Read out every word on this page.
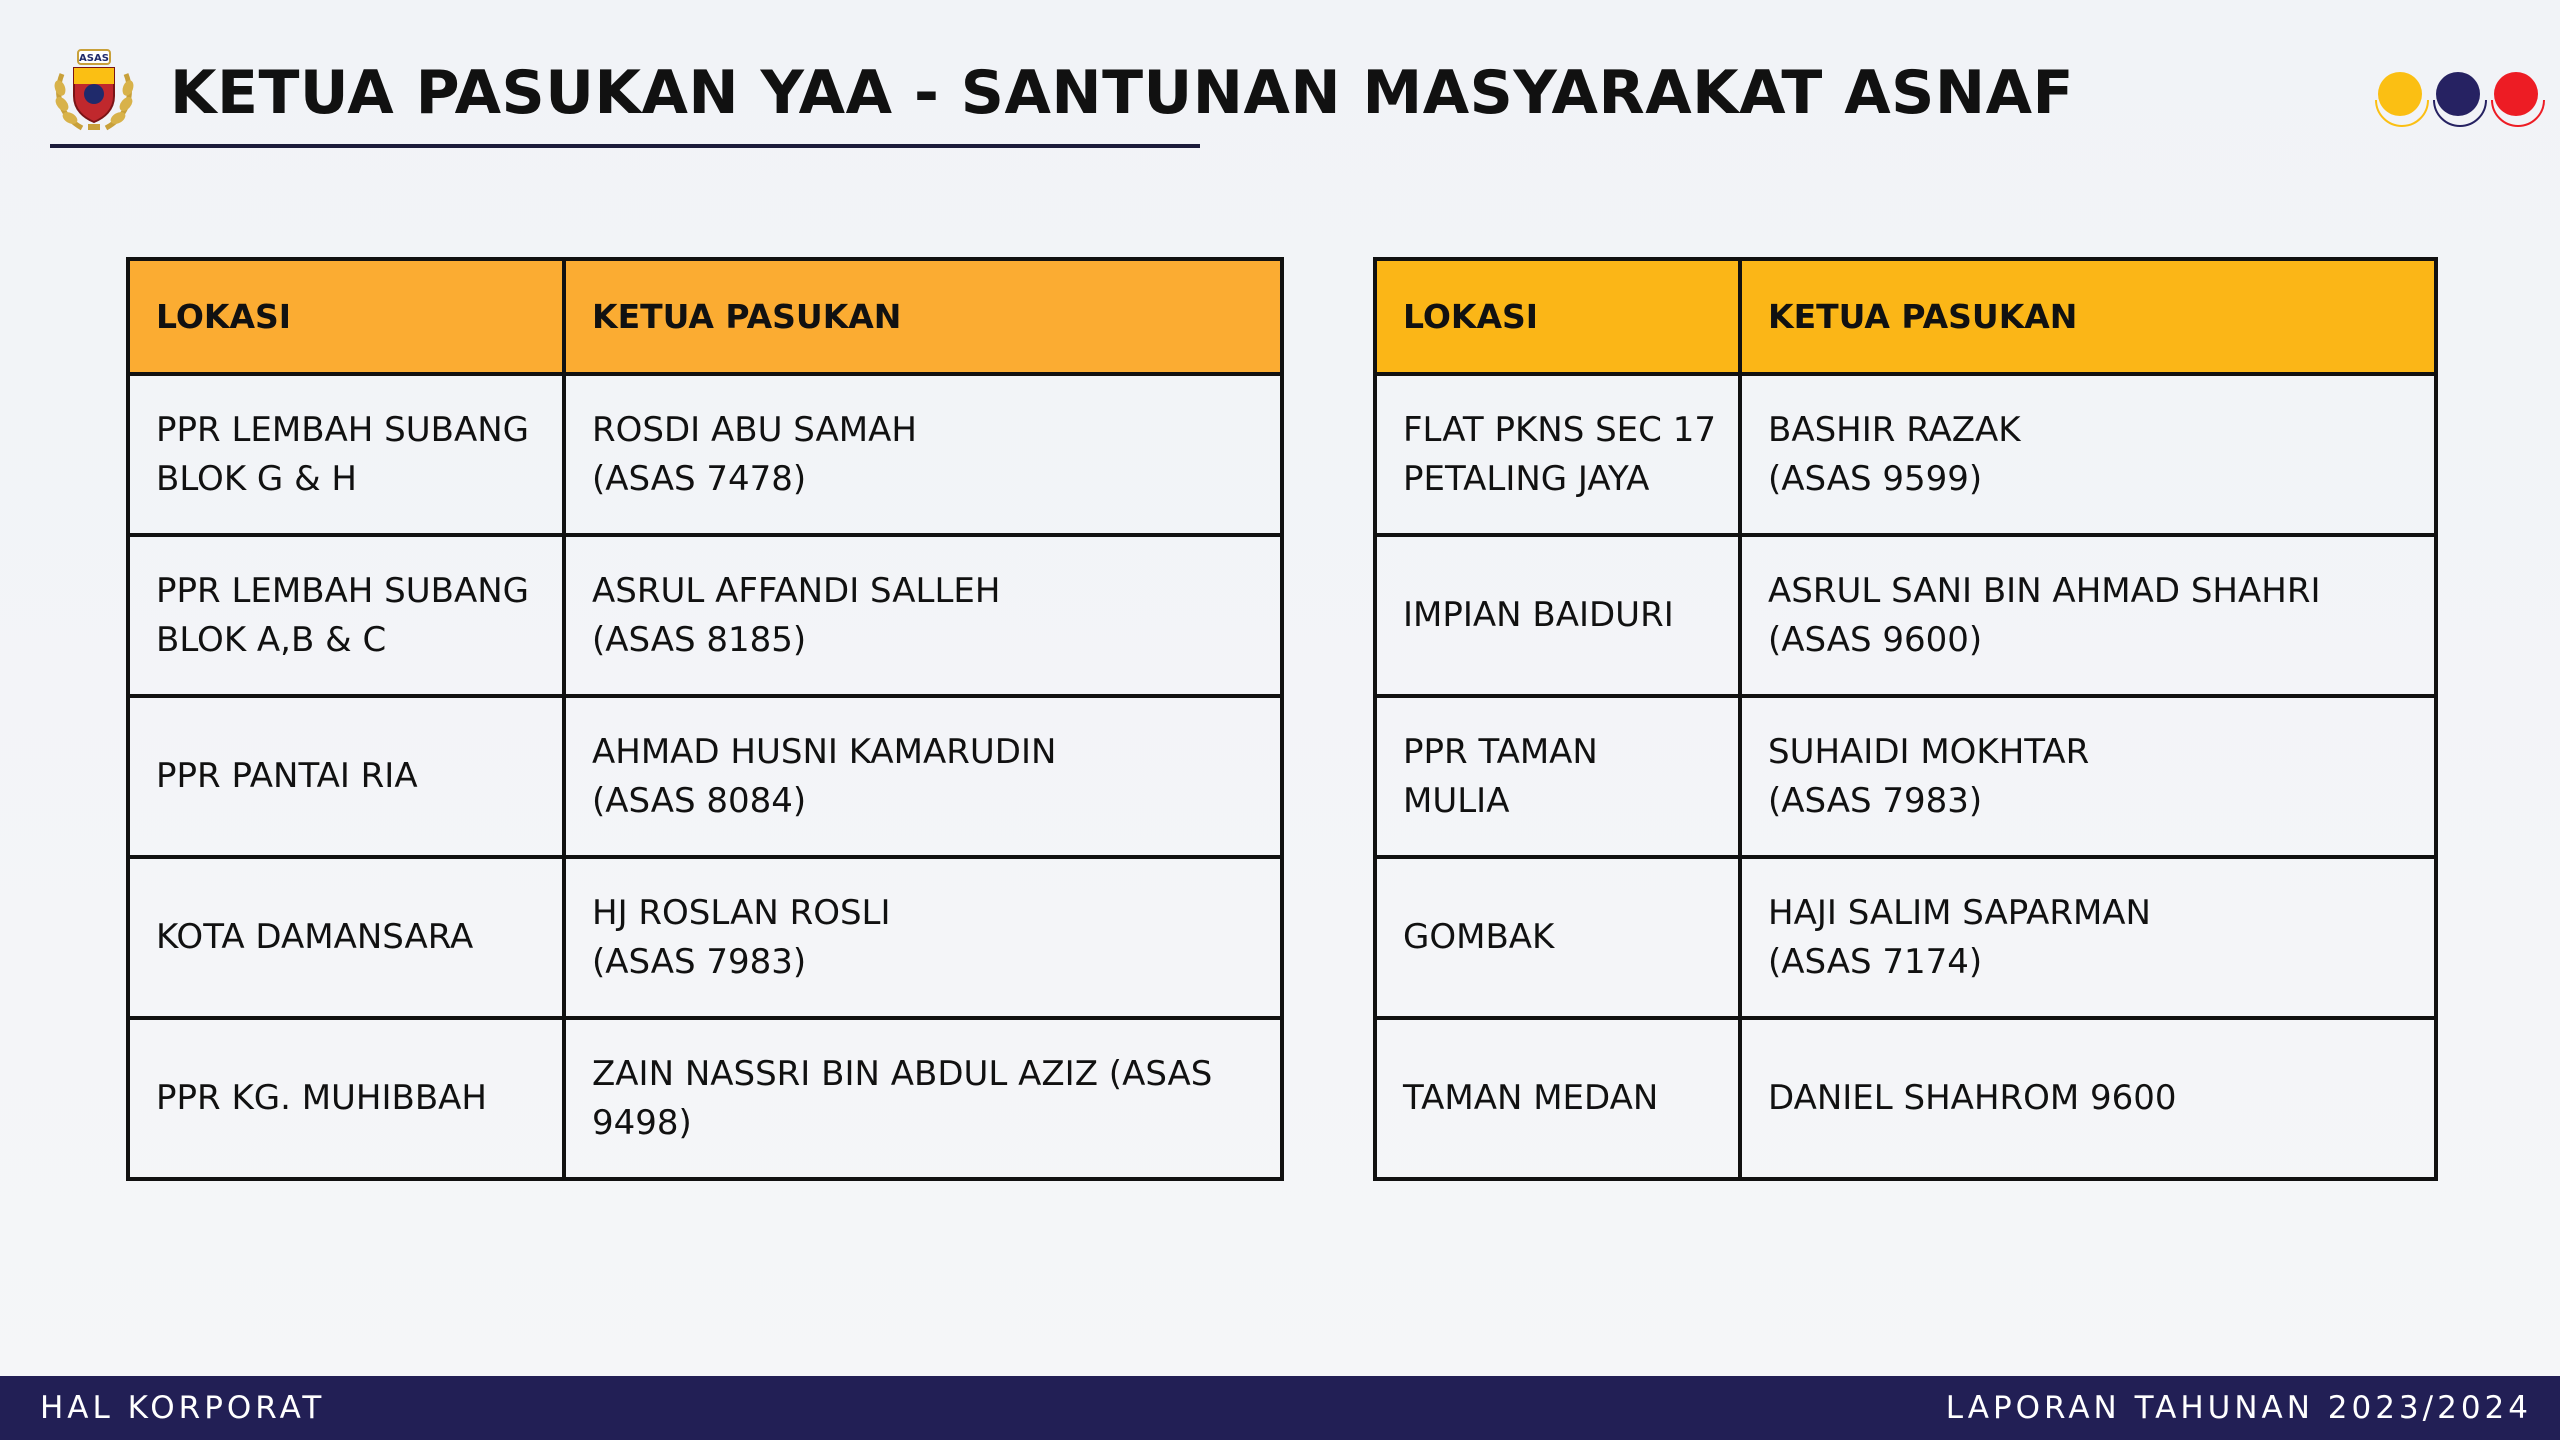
ASAS KETUA PASUKAN YAA - SANTUNAN MASYARAKAT ASNAF
LOKASI	KETUA PASUKAN

PPR LEMBAH SUBANG
BLOK G & H	ROSDI ABU SAMAH
(ASAS 7478)

PPR LEMBAH SUBANG
BLOK A,B & C	ASRUL AFFANDI SALLEH
(ASAS 8185)

PPR PANTAI RIA	AHMAD HUSNI KAMARUDIN
(ASAS 8084)

KOTA DAMANSARA	HJ ROSLAN ROSLI
(ASAS 7983)

PPR KG. MUHIBBAH	ZAIN NASSRI BIN ABDUL AZIZ (ASAS
9498)
LOKASI	KETUA PASUKAN

FLAT PKNS SEC 17
PETALING JAYA	BASHIR RAZAK
(ASAS 9599)

IMPIAN BAIDURI	ASRUL SANI BIN AHMAD SHAHRI
(ASAS 9600)

PPR TAMAN
MULIA	SUHAIDI MOKHTAR
(ASAS 7983)

GOMBAK	HAJI SALIM SAPARMAN
(ASAS 7174)

TAMAN MEDAN	DANIEL SHAHROM 9600
HAL KORPORAT	LAPORAN TAHUNAN 2023/2024
